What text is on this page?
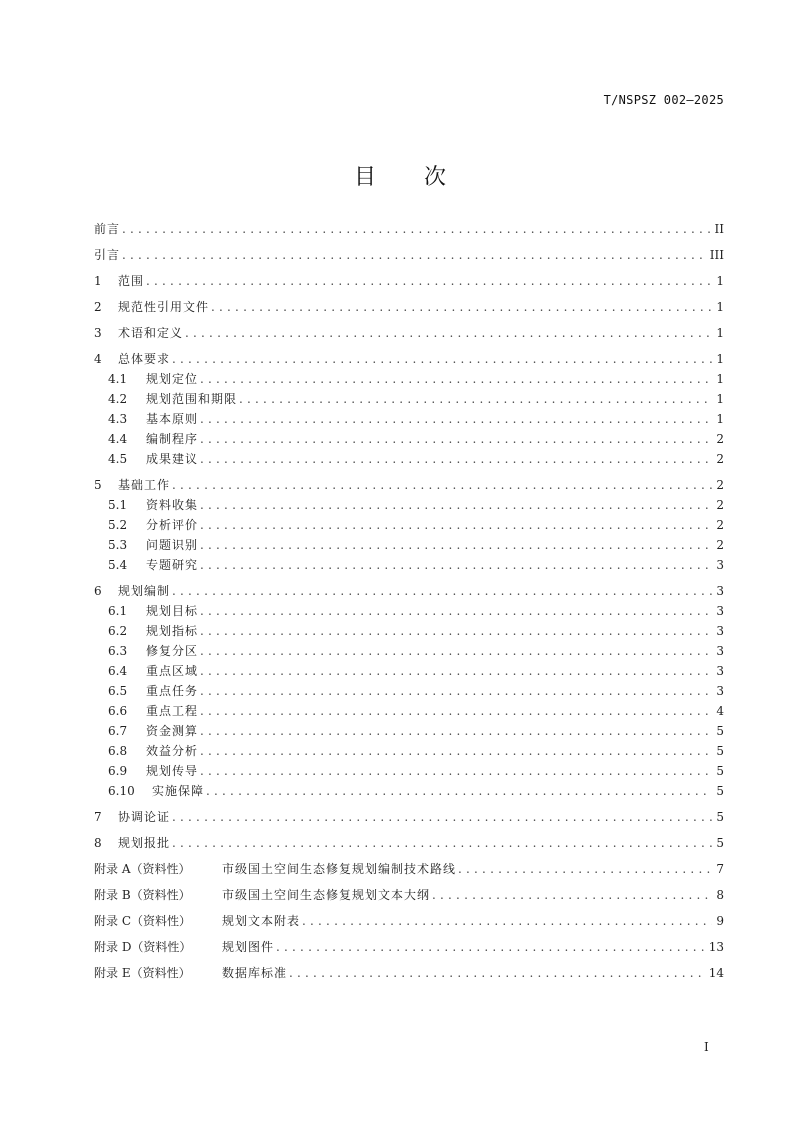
T/NSPSZ 002—2025
目 次
前言 .....	II
引言 .....	III
1	范围 .....	1
2	规范性引用文件 .....	1
3	术语和定义 .....	1
4	总体要求 .....	1
4.1	规划定位 .....	1
4.2	规划范围和期限 .....	1
4.3	基本原则 .....	1
4.4	编制程序 .....	2
4.5	成果建议 .....	2
5	基础工作 .....	2
5.1	资料收集 .....	2
5.2	分析评价 .....	2
5.3	问题识别 .....	2
5.4	专题研究 .....	3
6	规划编制 .....	3
6.1	规划目标 .....	3
6.2	规划指标 .....	3
6.3	修复分区 .....	3
6.4	重点区域 .....	3
6.5	重点任务 .....	3
6.6	重点工程 .....	4
6.7	资金测算 .....	5
6.8	效益分析 .....	5
6.9	规划传导 .....	5
6.10	实施保障 .....	5
7	协调论证 .....	5
8	规划报批 .....	5
附录 A（资料性）	市级国土空间生态修复规划编制技术路线 .....	7
附录 B（资料性）	市级国土空间生态修复规划文本大纲 .....	8
附录 C（资料性）	规划文本附表 .....	9
附录 D（资料性）	规划图件 .....	13
附录 E（资料性）	数据库标准 .....	14
I
